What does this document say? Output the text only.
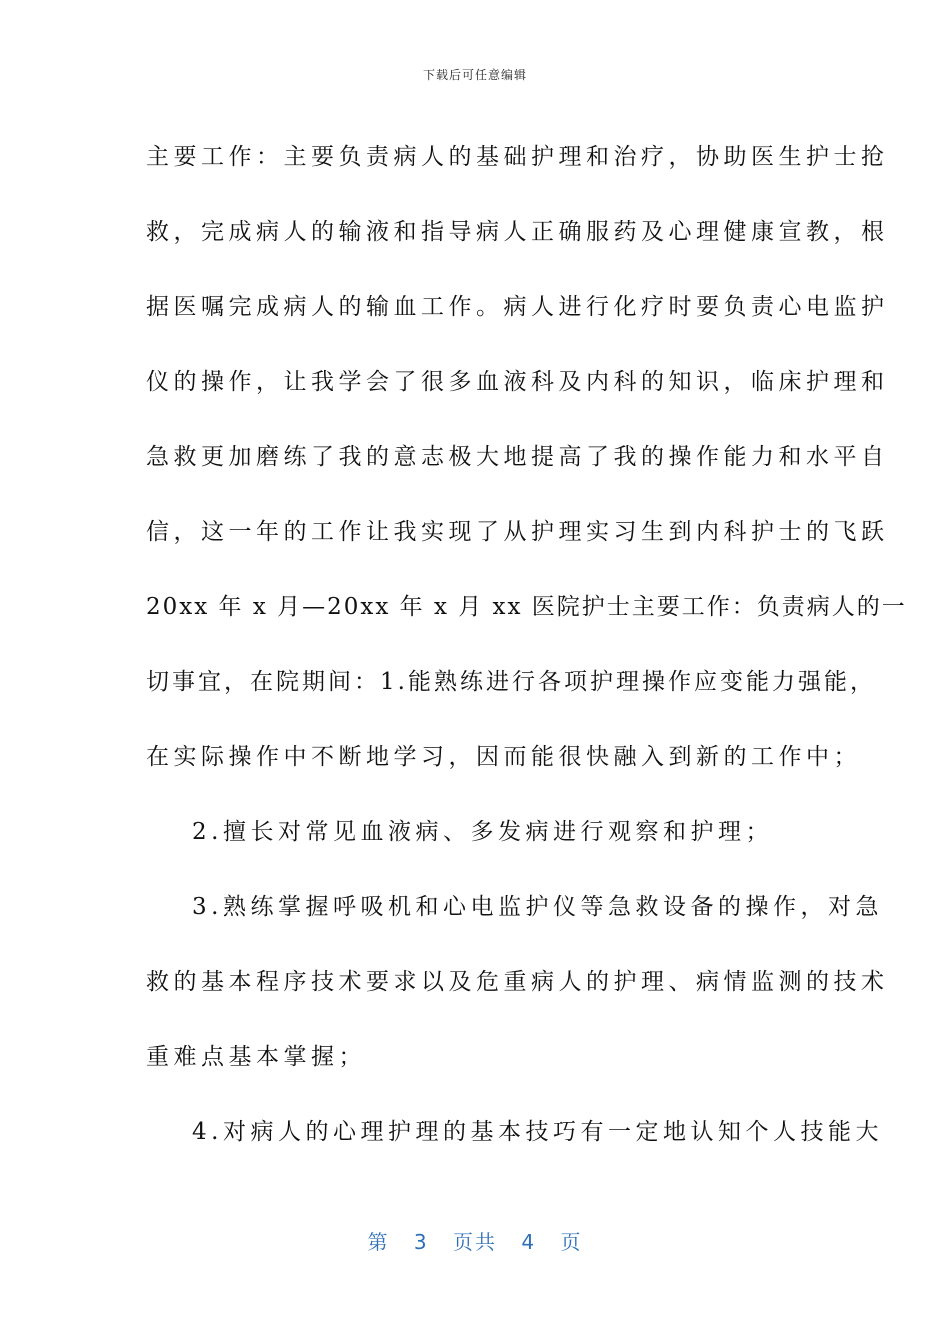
下载后可任意编辑
主要工作：主要负责病人的基础护理和治疗，协助医生护士抢
救，完成病人的输液和指导病人正确服药及心理健康宣教，根
据医嘱完成病人的输血工作。病人进行化疗时要负责心电监护
仪的操作，让我学会了很多血液科及内科的知识，临床护理和
急救更加磨练了我的意志极大地提高了我的操作能力和水平自
信，这一年的工作让我实现了从护理实习生到内科护士的飞跃
20xx 年 x 月—20xx 年 x 月 xx 医院护士主要工作：负责病人的一
切事宜，在院期间：1.能熟练进行各项护理操作应变能力强能，
在实际操作中不断地学习，因而能很快融入到新的工作中；
2.擅长对常见血液病、多发病进行观察和护理；
3.熟练掌握呼吸机和心电监护仪等急救设备的操作，对急
救的基本程序技术要求以及危重病人的护理、病情监测的技术
重难点基本掌握；
4.对病人的心理护理的基本技巧有一定地认知个人技能大
第 3 页共 4 页
